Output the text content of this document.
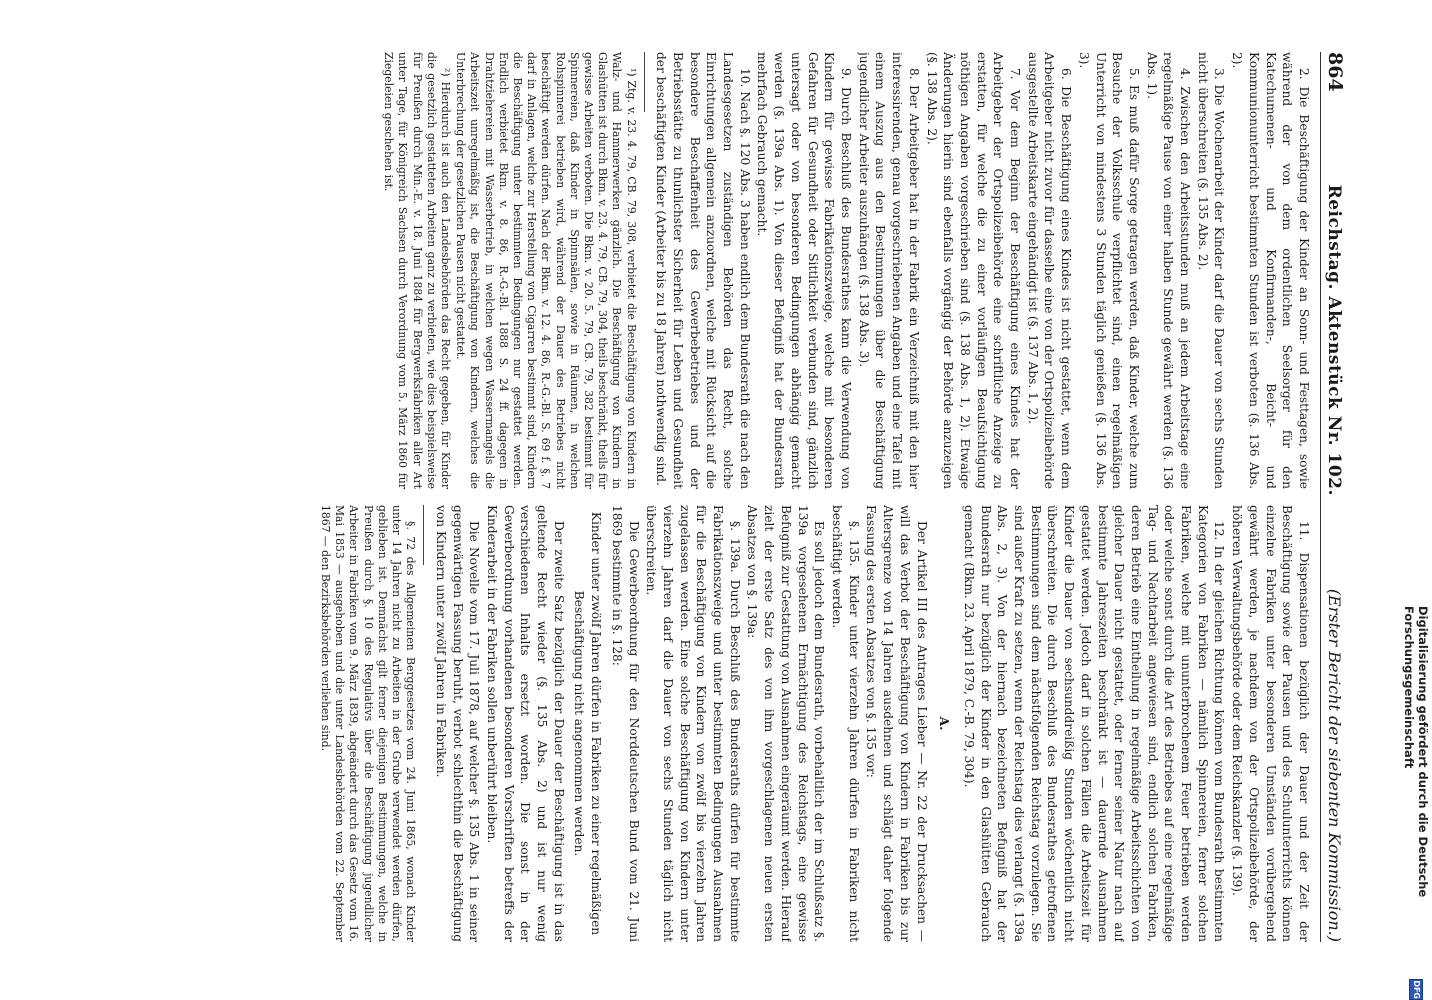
864
Reichstag. Aktenstück Nr. 102.
(Erster Bericht der siebenten Kommission.)

2. Die Beschäftigung der Kinder an Sonn- und Festtagen, sowie während der von dem ordentlichen Seelsorger für den Katechumenen- und Konfirmanden-, Beicht- und Kommunionunterricht bestimmten Stunden ist verboten (§. 136 Abs. 2).

3. Die Wochenarbeit der Kinder darf die Dauer von sechs Stunden nicht überschreiten (§. 135 Abs. 2).

4. Zwischen den Arbeitsstunden muß an jedem Arbeitstage eine regelmäßige Pause von einer halben Stunde gewährt werden (§. 136 Abs. 1).

5. Es muß dafür Sorge getragen werden, daß Kinder, welche zum Besuche der Volksschule verpflichtet sind, einen regelmäßigen Unterricht von mindestens 3 Stunden täglich genießen (§. 136 Abs. 3).

6. Die Beschäftigung eines Kindes ist nicht gestattet, wenn dem Arbeitgeber nicht zuvor für dasselbe eine von der Ortspolizeibehörde ausgestellte Arbeitskarte eingehändigt ist (§. 137 Abs. 1, 2).

7. Vor dem Beginn der Beschäftigung eines Kindes hat der Arbeitgeber der Ortspolizeibehörde eine schriftliche Anzeige zu erstatten, für welche die zu einer vorläufigen Beaufsichtigung nöthigen Angaben vorgeschrieben sind (§. 138 Abs. 1, 2). Etwaige Änderungen hierin sind ebenfalls vorgängig der Behörde anzuzeigen (§. 138 Abs. 2).

8. Der Arbeitgeber hat in der Fabrik ein Verzeichniß mit den hier interessirenden, genau vorgeschriebenen Angaben und eine Tafel mit einem Auszug aus den Bestimmungen über die Beschäftigung jugendlicher Arbeiter auszuhängen (§. 138 Abs. 3).

9. Durch Beschluß des Bundesrathes kann die Verwendung von Kindern für gewisse Fabrikationszweige, welche mit besonderen Gefahren für Gesundheit oder Sittlichkeit verbunden sind, gänzlich untersagt oder von besonderen Bedingungen abhängig gemacht werden (§. 139a Abs. 1). Von dieser Befugniß hat der Bundesrath mehrfach Gebrauch gemacht.

10. Nach §. 120 Abs. 3 haben endlich dem Bundesrath die nach den Landesgesetzen zuständigen Behörden das Recht, solche Einrichtungen allgemein anzuordnen, welche mit Rücksicht auf die besondere Beschaffenheit des Gewerbebetriebes und der Betriebsstätte zu thunlichster Sicherheit für Leben und Gesundheit der beschäftigten Kinder (Arbeiter bis zu 18 Jahren) nothwendig sind.

¹) Ztg. v. 23. 4. 79, CB. 79, 308, verbietet die Beschäftigung von Kindern in Walz- und Hammerwerken gänzlich. Die Beschäftigung von Kindern in Glashütten ist durch Bkm. v. 23. 4. 79, CB. 79, 304, theils beschränkt, theils für gewisse Arbeiten verboten. Die Bkm. v. 20. 5. 79, CB. 79, 382 bestimmt für Spinnereien, daß Kinder in Spinnsälen, sowie in Räumen, in welchen Rohspinnerei betrieben wird, während der Dauer des Betriebes nicht beschäftigt werden dürfen. Nach der Bkm. v. 12. 4. 86, R.-G.-Bl. S. 69 f. §. 7 darf in Anlagen, welche zur Herstellung von Cigarren bestimmt sind, Kindern die Beschäftigung unter bestimmten Bedingungen nur gestattet werden. Endlich verbietet Bkm. v. 8. 86, R.-G.-Bl. 1888 S. 24 ff. dagegen in Drahtziehereien mit Wasserbetrieb, in welchen wegen Wassermangels die Arbeitszeit unregelmäßig ist, die Beschäftigung von Kindern, welches die Unterbrechung der gesetzlichen Pausen nicht gestattet.

²) Hierdurch ist auch den Landesbehörden das Recht gegeben, für Kinder die gesetzlich gestatteten Arbeiten ganz zu verbieten, wie dies beispielsweise für Preußen durch Min.-E. v. 18. Juni 1884 für Bergwerksfabriken aller Art unter Tage, für Königreich Sachsen durch Verordnung vom 5. März 1860 für Ziegeleien geschehen ist.

11. Dispensationen bezüglich der Dauer und der Zeit der Beschäftigung sowie der Pausen und des Schulunterrichts können einzelne Fabriken unter besonderen Umständen vorübergehend gewährt werden, je nachdem von der Ortspolizeibehörde, der höheren Verwaltungsbehörde oder dem Reichskanzler (§. 139).

12. In der gleichen Richtung können vom Bundesrath bestimmten Kategorien von Fabriken — nämlich Spinnereien, ferner solchen Fabriken, welche mit ununterbrochenem Feuer betrieben werden oder welche sonst durch die Art des Betriebes auf eine regelmäßige Tag- und Nachtarbeit angewiesen sind, endlich solchen Fabriken, deren Betrieb eine Eintheilung in regelmäßige Arbeitsschichten von gleicher Dauer nicht gestattet, oder ferner seiner Natur nach auf bestimmte Jahreszeiten beschränkt ist — dauernde Ausnahmen gestattet werden. Jedoch darf in solchen Fällen die Arbeitszeit für Kinder die Dauer von sechsunddreißig Stunden wöchentlich nicht überschreiten. Die durch Beschluß des Bundesrathes getroffenen Bestimmungen sind dem nächstfolgenden Reichstag vorzulegen. Sie sind außer Kraft zu setzen, wenn der Reichstag dies verlangt (§. 139a Abs. 2, 3). Von der hiernach bezeichneten Befugniß hat der Bundesrath nur bezüglich der Kinder in den Glashütten Gebrauch gemacht (Bkm. 23. April 1879, C.-B. 79, 304).

A.

Der Artikel III des Antrages Lieber — Nr. 22 der Drucksachen — will das Verbot der Beschäftigung von Kindern in Fabriken bis zur Altersgrenze von 14 Jahren ausdehnen und schlägt daher folgende Fassung des ersten Absatzes von §. 135 vor:

§. 135. Kinder unter vierzehn Jahren dürfen in Fabriken nicht beschäftigt werden.

Es soll jedoch dem Bundesrath, vorbehaltlich der im Schlußsatz §. 139a vorgesehenen Ermächtigung des Reichstags, eine gewisse Befugniß zur Gestattung von Ausnahmen eingeräumt werden. Hierauf zielt der erste Satz des von ihm vorgeschlagenen neuen ersten Absatzes von §. 139a:

§. 139a. Durch Beschluß des Bundesraths dürfen für bestimmte Fabrikationszweige und unter bestimmten Bedingungen Ausnahmen für die Beschäftigung von Kindern von zwölf bis vierzehn Jahren zugelassen werden. Eine solche Beschäftigung von Kindern unter vierzehn Jahren darf die Dauer von sechs Stunden täglich nicht überschreiten.

Die Gewerbeordnung für den Norddeutschen Bund vom 21. Juni 1869 bestimmte in §. 128:

Kinder unter zwölf Jahren dürfen in Fabriken zu einer regelmäßigen Beschäftigung nicht angenommen werden.

Der zweite Satz bezüglich der Dauer der Beschäftigung ist in das geltende Recht wieder (§. 135 Abs. 2) und ist nur wenig verschiedenen Inhalts ersetzt worden. Die sonst in der Gewerbeordnung vorhandenen besonderen Vorschriften betreffs der Kinderarbeit in der Fabriken sollen unberührt bleiben.

Die Novelle vom 17. Juli 1878, auf welcher §. 135 Abs. 1 in seiner gegenwärtigen Fassung beruht, verbot schlechthin die Beschäftigung von Kindern unter zwölf Jahren in Fabriken.

§. 72 des Allgemeinen Berggesetzes vom 24. Juni 1865, wonach Kinder unter 14 Jahren nicht zu Arbeiten in der Grube verwendet werden dürfen, geblieben ist. Demnächst gilt ferner diejenigen Bestimmungen, welche in Preußen durch §. 10 des Regulativs über die Beschäftigung jugendlicher Arbeiter in Fabriken vom 9. März 1839, abgeändert durch das Gesetz vom 16. Mai 1853 — ausgehoben und die unter Landesbehörden vom 22. September 1867 — den Bezirksbehörden verliehen sind.	Digitalisierung gefördert durch die Deutsche Forschungsgemeinschaft
DFG
